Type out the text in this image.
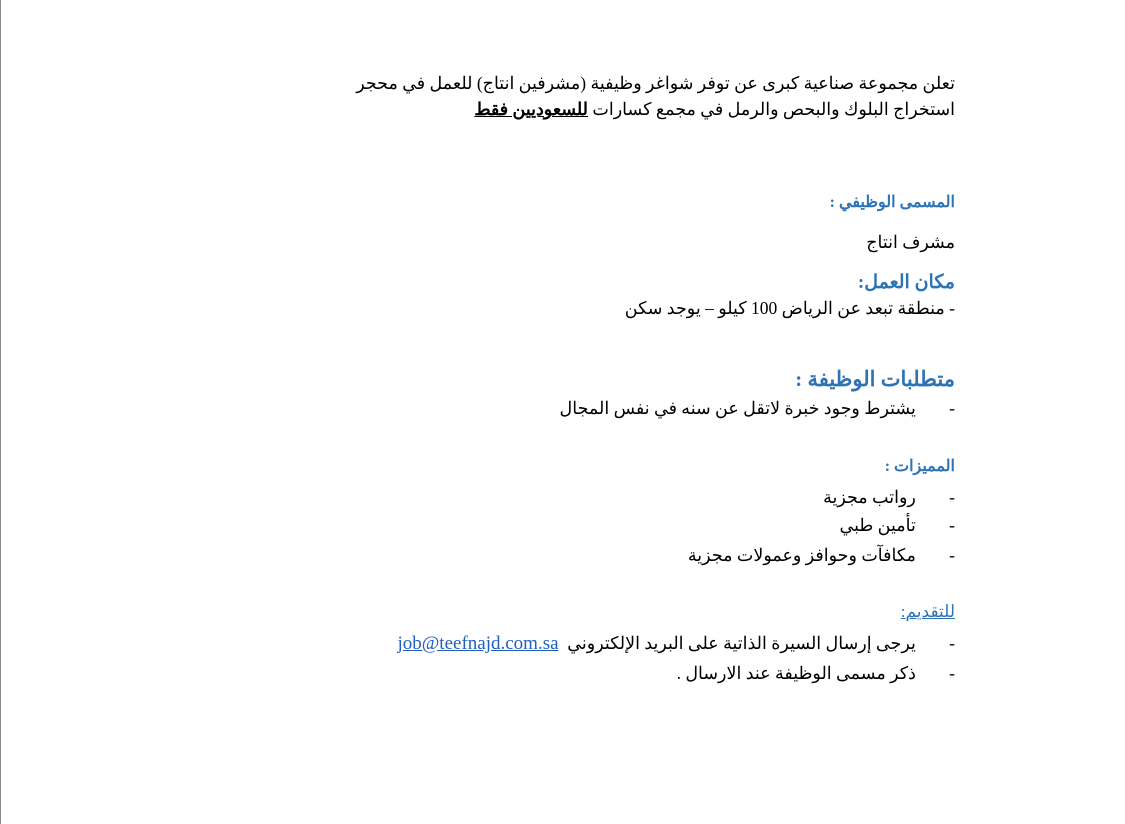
تعلن مجموعة صناعية كبرى عن توفر شواغر وظيفية (مشرفين انتاج) للعمل في محجر
استخراج البلوك والبحص والرمل في مجمع كسارات للسعوديين فقط

المسمى الوظيفي :

مشرف انتاج

مكان العمل:

- منطقة تبعد عن الرياض 100 كيلو – يوجد سكن

متطلبات الوظيفة :

-   يشترط وجود خبرة لاتقل عن سنه في نفس المجال

المميزات :

-   رواتب مجزية
-   تأمين طبي
-   مكافآت وحوافز وعمولات مجزية

للتقديم:

-   يرجى إرسال السيرة الذاتية على البريد الإلكتروني  job@teefnajd.com.sa
-   ذكر مسمى الوظيفة عند الارسال .
